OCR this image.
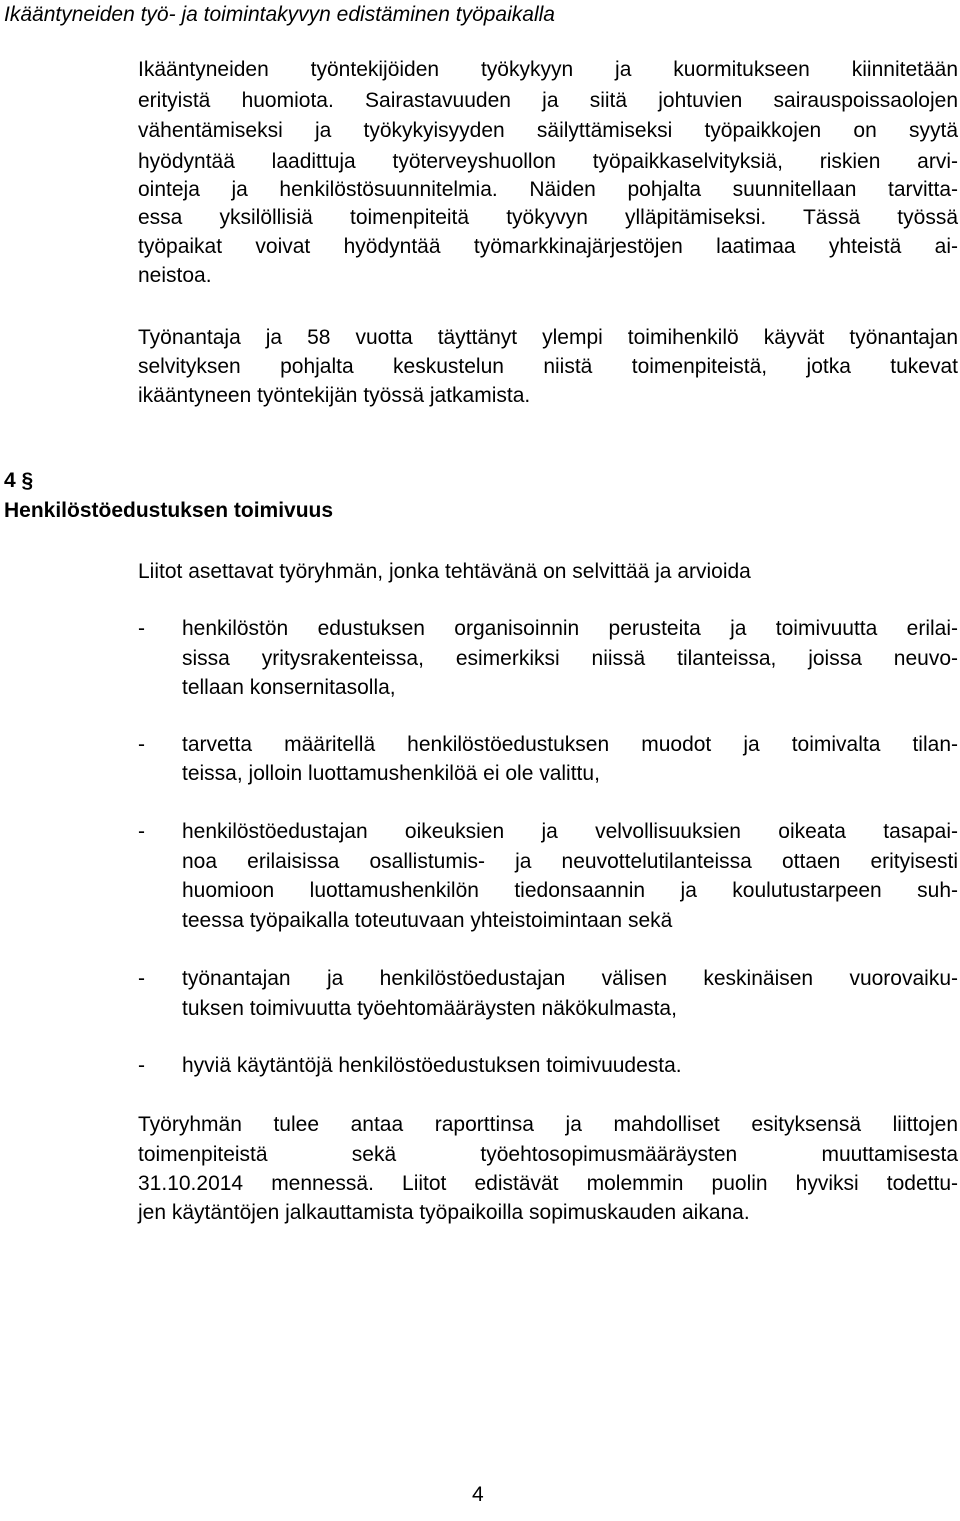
Ikääntyneiden työ- ja toimintakyvyn edistäminen työpaikalla
Ikääntyneiden työntekijöiden työkykyyn ja kuormitukseen kiinnitetään
erityistä huomiota. Sairastavuuden ja siitä johtuvien sairauspoissaolojen
vähentämiseksi ja työkykyisyyden säilyttämiseksi työpaikkojen on syytä
hyödyntää laadittuja työterveyshuollon työpaikkaselvityksiä, riskien arvi-
ointeja ja henkilöstösuunnitelmia. Näiden pohjalta suunnitellaan tarvitta-
essa yksilöllisiä toimenpiteitä työkyvyn ylläpitämiseksi. Tässä työssä
työpaikat voivat hyödyntää työmarkkinajärjestöjen laatimaa yhteistä ai-
neistoa.
Työnantaja ja 58 vuotta täyttänyt ylempi toimihenkilö käyvät työnantajan
selvityksen pohjalta keskustelun niistä toimenpiteistä, jotka tukevat
ikääntyneen työntekijän työssä jatkamista.
4 §
Henkilöstöedustuksen toimivuus
Liitot asettavat työryhmän, jonka tehtävänä on selvittää ja arvioida
- henkilöstön edustuksen organisoinnin perusteita ja toimivuutta erilai-
sissa yritysrakenteissa, esimerkiksi niissä tilanteissa, joissa neuvo-
tellaan konsernitasolla,
- tarvetta määritellä henkilöstöedustuksen muodot ja toimivalta tilan-
teissa, jolloin luottamushenkilöä ei ole valittu,
- henkilöstöedustajan oikeuksien ja velvollisuuksien oikeata tasapai-
noa erilaisissa osallistumis- ja neuvottelutilanteissa ottaen erityisesti
huomioon luottamushenkilön tiedonsaannin ja koulutustarpeen suh-
teessa työpaikalla toteutuvaan yhteistoimintaan sekä
- työnantajan ja henkilöstöedustajan välisen keskinäisen vuorovaiku-
tuksen toimivuutta työehtomääräysten näkökulmasta,
- hyviä käytäntöjä henkilöstöedustuksen toimivuudesta.
Työryhmän tulee antaa raporttinsa ja mahdolliset esityksensä liittojen
toimenpiteistä sekä työehtosopimusmääräysten muuttamisesta
31.10.2014 mennessä. Liitot edistävät molemmin puolin hyviksi todettu-
jen käytäntöjen jalkauttamista työpaikoilla sopimuskauden aikana.
4
